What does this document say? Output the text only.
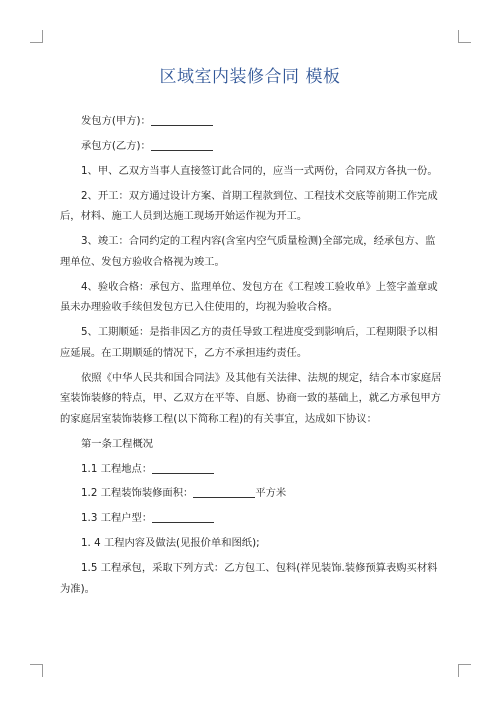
区域室内装修合同 模板

发包方(甲方)：

承包方(乙方)：

1、甲、乙双方当事人直接签订此合同的，应当一式两份，合同双方各执一份。

2、开工：双方通过设计方案、首期工程款到位、工程技术交底等前期工作完成后，材料、施工人员到达施工现场开始运作视为开工。

3、竣工：合同约定的工程内容(含室内空气质量检测)全部完成，经承包方、监理单位、发包方验收合格视为竣工。

4、验收合格：承包方、监理单位、发包方在《工程竣工验收单》上签字盖章或虽未办理验收手续但发包方已入住使用的，均视为验收合格。

5、工期顺延：是指非因乙方的责任导致工程进度受到影响后，工程期限予以相应延展。在工期顺延的情况下，乙方不承担违约责任。

依照《中华人民共和国合同法》及其他有关法律、法规的规定，结合本市家庭居室装饰装修的特点，甲、乙双方在平等、自愿、协商一致的基础上，就乙方承包甲方的家庭居室装饰装修工程(以下简称工程)的有关事宜，达成如下协议：

第一条工程概况

1.1 工程地点：

1.2 工程装饰装修面积：	平方米

1.3 工程户型：

1. 4 工程内容及做法(见报价单和图纸);

1.5 工程承包，采取下列方式：乙方包工、包料(祥见装饰.装修预算表购买材料为准)。
